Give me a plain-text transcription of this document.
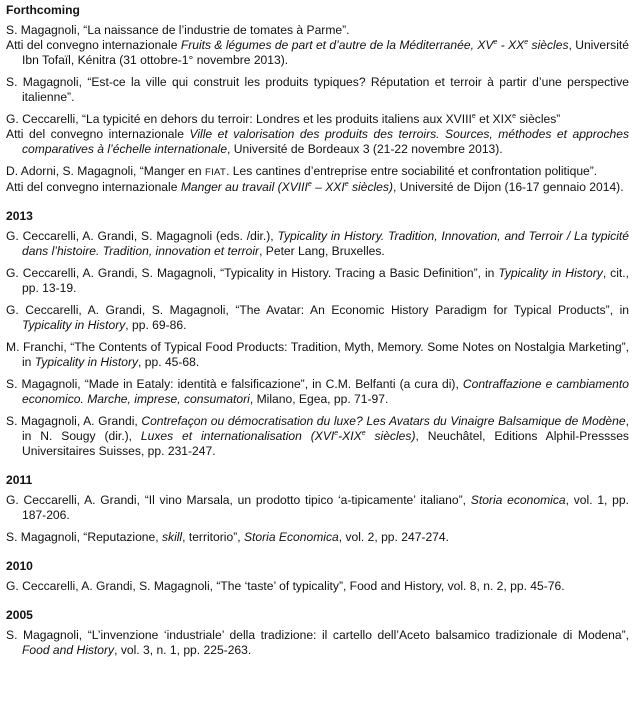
Forthcoming

S. Magagnoli, “La naissance de l’industrie de tomates à Parme”.
Atti del convegno internazionale Fruits & légumes de part et d’autre de la Méditerranée, XVe - XXe siècles, Université Ibn Tofaïl, Kénitra (31 ottobre-1° novembre 2013).

S. Magagnoli, “Est-ce la ville qui construit les produits typiques? Réputation et terroir à partir d’une perspective italienne”.

G. Ceccarelli, “La typicité en dehors du terroir: Londres et les produits italiens aux XVIIIe et XIXe siècles”
Atti del convegno internazionale Ville et valorisation des produits des terroirs. Sources, méthodes et approches comparatives à l’échelle internationale, Université de Bordeaux 3 (21-22 novembre 2013).

D. Adorni, S. Magagnoli, “Manger en FIAT. Les cantines d’entreprise entre sociabilité et confrontation politique”.
Atti del convegno internazionale Manger au travail (XVIIIe – XXIe siècles), Université de Dijon (16-17 gennaio 2014).

2013

G. Ceccarelli, A. Grandi, S. Magagnoli (eds. /dir.), Typicality in History. Tradition, Innovation, and Terroir / La typicité dans l’histoire. Tradition, innovation et terroir, Peter Lang, Bruxelles.

G. Ceccarelli, A. Grandi, S. Magagnoli, “Typicality in History. Tracing a Basic Definition”, in Typicality in History, cit., pp. 13-19.

G. Ceccarelli, A. Grandi, S. Magagnoli, “The Avatar: An Economic History Paradigm for Typical Products”, in Typicality in History, pp. 69-86.

M. Franchi, “The Contents of Typical Food Products: Tradition, Myth, Memory. Some Notes on Nostalgia Marketing”, in Typicality in History, pp. 45-68.

S. Magagnoli, “Made in Eataly: identità e falsificazione”, in C.M. Belfanti (a cura di), Contraffazione e cambiamento economico. Marche, imprese, consumatori, Milano, Egea, pp. 71-97.

S. Magagnoli, A. Grandi, Contrefaçon ou démocratisation du luxe? Les Avatars du Vinaigre Balsamique de Modène, in N. Sougy (dir.), Luxes et internationalisation (XVIe-XIXe siècles), Neuchâtel, Editions Alphil-Pressses Universitaires Suisses, pp. 231-247.

2011

G. Ceccarelli, A. Grandi, “Il vino Marsala, un prodotto tipico ‘a-tipicamente’ italiano”, Storia economica, vol. 1, pp. 187-206.

S. Magagnoli, “Reputazione, skill, territorio”, Storia Economica, vol. 2, pp. 247-274.

2010

G. Ceccarelli, A. Grandi, S. Magagnoli, “The ‘taste’ of typicality”, Food and History, vol. 8, n. 2, pp. 45-76.

2005

S. Magagnoli, “L’invenzione ‘industriale’ della tradizione: il cartello dell’Aceto balsamico tradizionale di Modena”, Food and History, vol. 3, n. 1, pp. 225-263.
